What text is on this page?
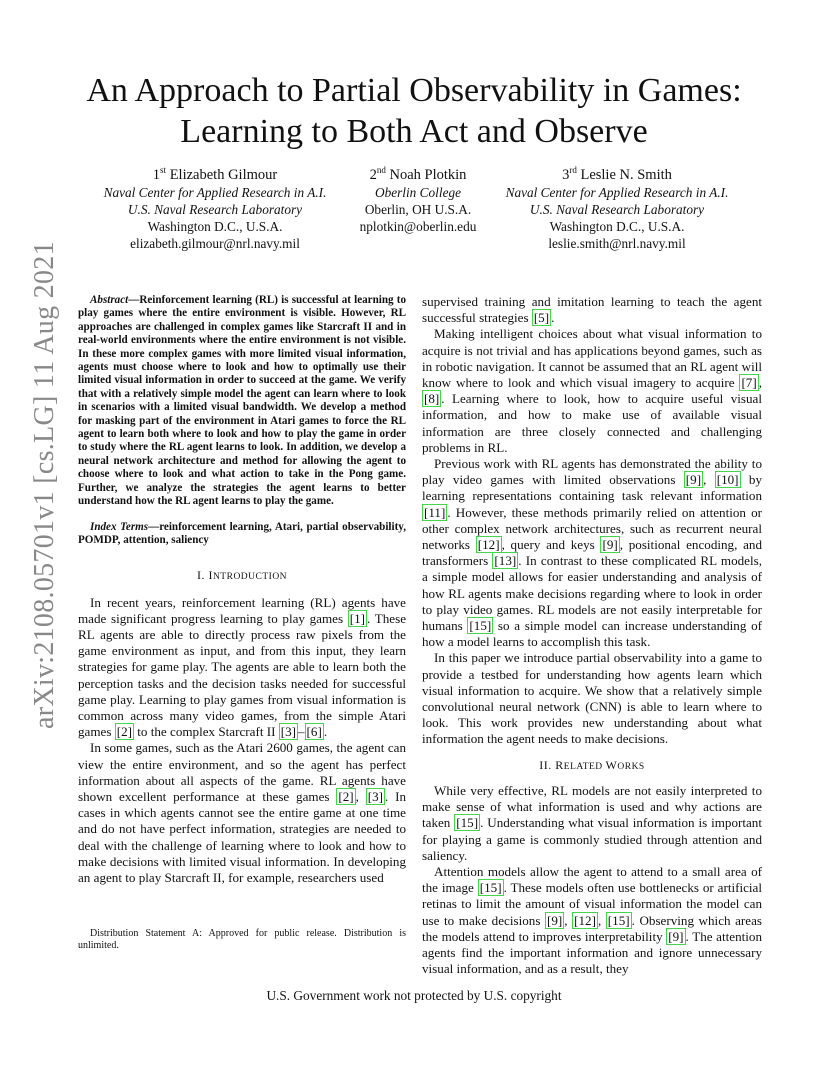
An Approach to Partial Observability in Games:
Learning to Both Act and Observe
arXiv:2108.05701v1 [cs.LG] 11 Aug 2021
1st Elizabeth Gilmour
Naval Center for Applied Research in A.I.
U.S. Naval Research Laboratory
Washington D.C., U.S.A.
elizabeth.gilmour@nrl.navy.mil
2nd Noah Plotkin
Oberlin College
Oberlin, OH U.S.A.
nplotkin@oberlin.edu
3rd Leslie N. Smith
Naval Center for Applied Research in A.I.
U.S. Naval Research Laboratory
Washington D.C., U.S.A.
leslie.smith@nrl.navy.mil

Abstract—Reinforcement learning (RL) is successful at learning to play games where the entire environment is visible. However, RL approaches are challenged in complex games like Starcraft II and in real-world environments where the entire environment is not visible. In these more complex games with more limited visual information, agents must choose where to look and how to optimally use their limited visual information in order to succeed at the game. We verify that with a relatively simple model the agent can learn where to look in scenarios with a limited visual bandwidth. We develop a method for masking part of the environment in Atari games to force the RL agent to learn both where to look and how to play the game in order to study where the RL agent learns to look. In addition, we develop a neural network architecture and method for allowing the agent to choose where to look and what action to take in the Pong game. Further, we analyze the strategies the agent learns to better understand how the RL agent learns to play the game.

Index Terms—reinforcement learning, Atari, partial observability, POMDP, attention, saliency

I. INTRODUCTION

In recent years, reinforcement learning (RL) agents have made significant progress learning to play games [1] . These RL agents are able to directly process raw pixels from the game environment as input, and from this input, they learn strategies for game play. The agents are able to learn both the perception tasks and the decision tasks needed for successful game play. Learning to play games from visual information is common across many video games, from the simple Atari games [2] to the complex Starcraft II [3] – [6] .

In some games, such as the Atari 2600 games, the agent can view the entire environment, and so the agent has perfect information about all aspects of the game. RL agents have shown excellent performance at these games [2] , [3] . In cases in which agents cannot see the entire game at one time and do not have perfect information, strategies are needed to deal with the challenge of learning where to look and how to make decisions with limited visual information. In developing an agent to play Starcraft II, for example, researchers used

Distribution Statement A: Approved for public release. Distribution is unlimited.

supervised training and imitation learning to teach the agent successful strategies [5] .

Making intelligent choices about what visual information to acquire is not trivial and has applications beyond games, such as in robotic navigation. It cannot be assumed that an RL agent will know where to look and which visual imagery to acquire [7] , [8] . Learning where to look, how to acquire useful visual information, and how to make use of available visual information are three closely connected and challenging problems in RL.

Previous work with RL agents has demonstrated the ability to play video games with limited observations [9] , [10] by learning representations containing task relevant information [11] . However, these methods primarily relied on attention or other complex network architectures, such as recurrent neural networks [12] , query and keys [9] , positional encoding, and transformers [13] . In contrast to these complicated RL models, a simple model allows for easier understanding and analysis of how RL agents make decisions regarding where to look in order to play video games. RL models are not easily interpretable for humans [15] so a simple model can increase understanding of how a model learns to accomplish this task.

In this paper we introduce partial observability into a game to provide a testbed for understanding how agents learn which visual information to acquire. We show that a relatively simple convolutional neural network (CNN) is able to learn where to look. This work provides new understanding about what information the agent needs to make decisions.

II. RELATED WORKS

While very effective, RL models are not easily interpreted to make sense of what information is used and why actions are taken [15] . Understanding what visual information is important for playing a game is commonly studied through attention and saliency.

Attention models allow the agent to attend to a small area of the image [15] . These models often use bottlenecks or artificial retinas to limit the amount of visual information the model can use to make decisions [9] , [12] , [15] . Observing which areas the models attend to improves interpretability [9] . The attention agents find the important information and ignore unnecessary visual information, and as a result, they

U.S. Government work not protected by U.S. copyright
